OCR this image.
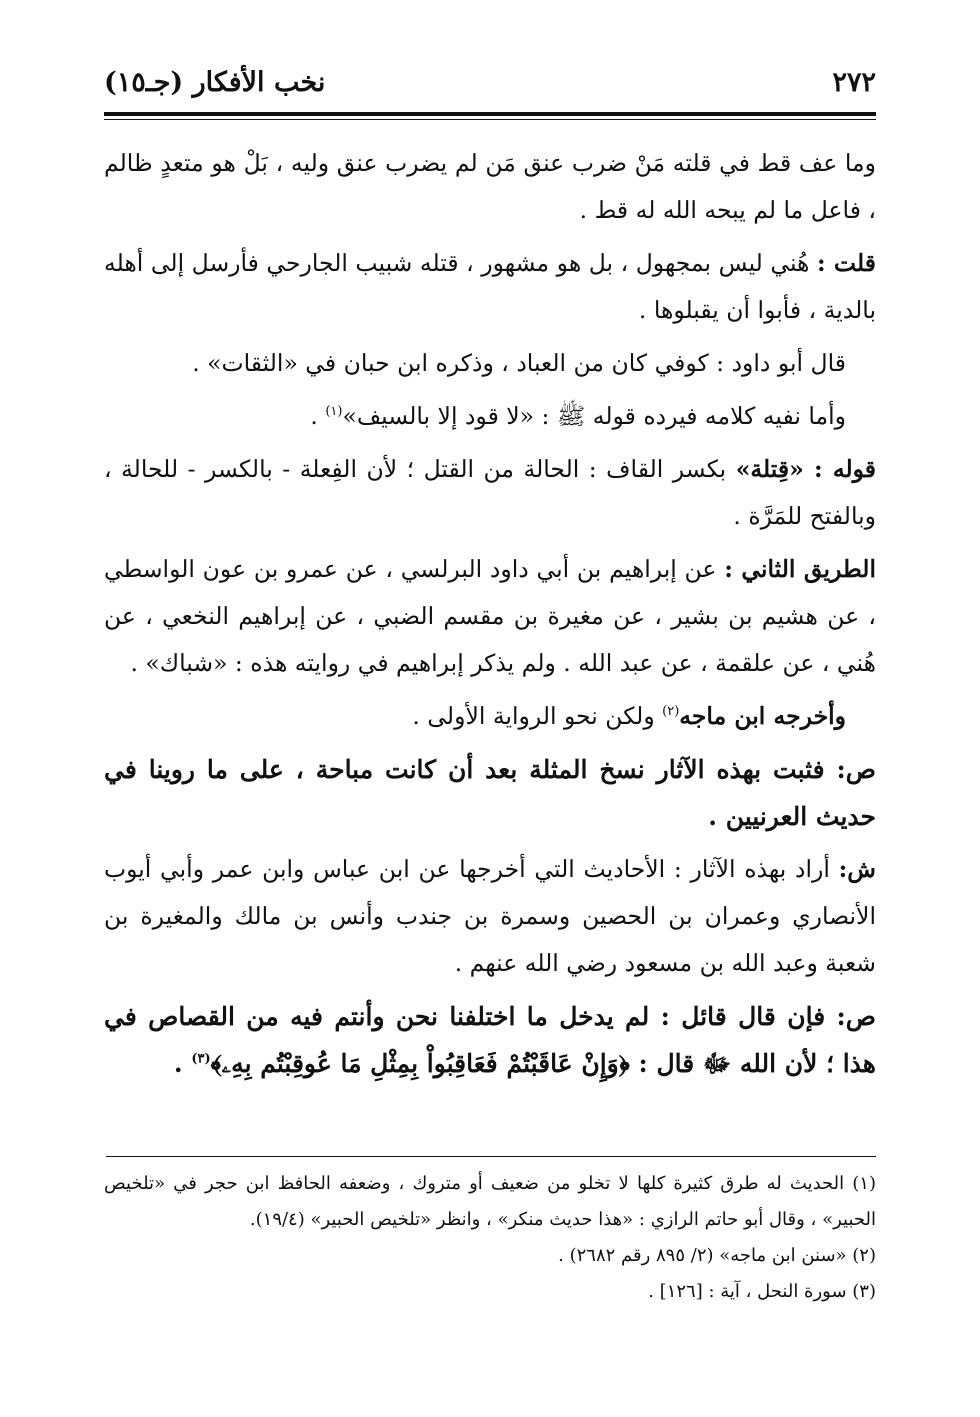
٢٧٢
نخب الأفكار (جـ١٥)

وما عف قط في قلته مَنْ ضرب عنق مَن لم يضرب عنق وليه ، بَلْ هو متعدٍ ظالم ، فاعل ما لم يبحه الله له قط .

قلت : هُني ليس بمجهول ، بل هو مشهور ، قتله شبيب الجارحي فأرسل إلى أهله بالدية ، فأبوا أن يقبلوها .

قال أبو داود : كوفي كان من العباد ، وذكره ابن حبان في «الثقات» .

وأما نفيه كلامه فيرده قوله ﷺ : «لا قود إلا بالسيف»$^{(١)}$ .

قوله : «قِتلة» بكسر القاف : الحالة من القتل ؛ لأن الفِعلة - بالكسر - للحالة ، وبالفتح للمَرَّة .

الطريق الثاني : عن إبراهيم بن أبي داود البرلسي ، عن عمرو بن عون الواسطي ، عن هشيم بن بشير ، عن مغيرة بن مقسم الضبي ، عن إبراهيم النخعي ، عن هُني ، عن علقمة ، عن عبد الله . ولم يذكر إبراهيم في روايته هذه : «شباك» .

وأخرجه ابن ماجه$^{(٢)}$ ولكن نحو الرواية الأولى .

ص: فثبت بهذه الآثار نسخ المثلة بعد أن كانت مباحة ، على ما روينا في حديث العرنيين .

ش: أراد بهذه الآثار : الأحاديث التي أخرجها عن ابن عباس وابن عمر وأبي أيوب الأنصاري وعمران بن الحصين وسمرة بن جندب وأنس بن مالك والمغيرة بن شعبة وعبد الله بن مسعود رضي الله عنهم .

ص: فإن قال قائل : لم يدخل ما اختلفنا نحن وأنتم فيه من القصاص في هذا ؛ لأن الله ﷻ قال : ﴿وَإِنْ عَاقَبْتُمْ فَعَاقِبُواْ بِمِثْلِ مَا عُوقِبْتُم بِهِۦ﴾$^{(٣)}$ .

(١) الحديث له طرق كثيرة كلها لا تخلو من ضعيف أو متروك ، وضعفه الحافظ ابن حجر في «تلخيص الحبير» ، وقال أبو حاتم الرازي : «هذا حديث منكر» ، وانظر «تلخيص الحبير» (١٩/٤).

(٢) «سنن ابن ماجه» (٢/ ٨٩٥ رقم ٢٦٨٢) .

(٣) سورة النحل ، آية : [١٢٦] .
